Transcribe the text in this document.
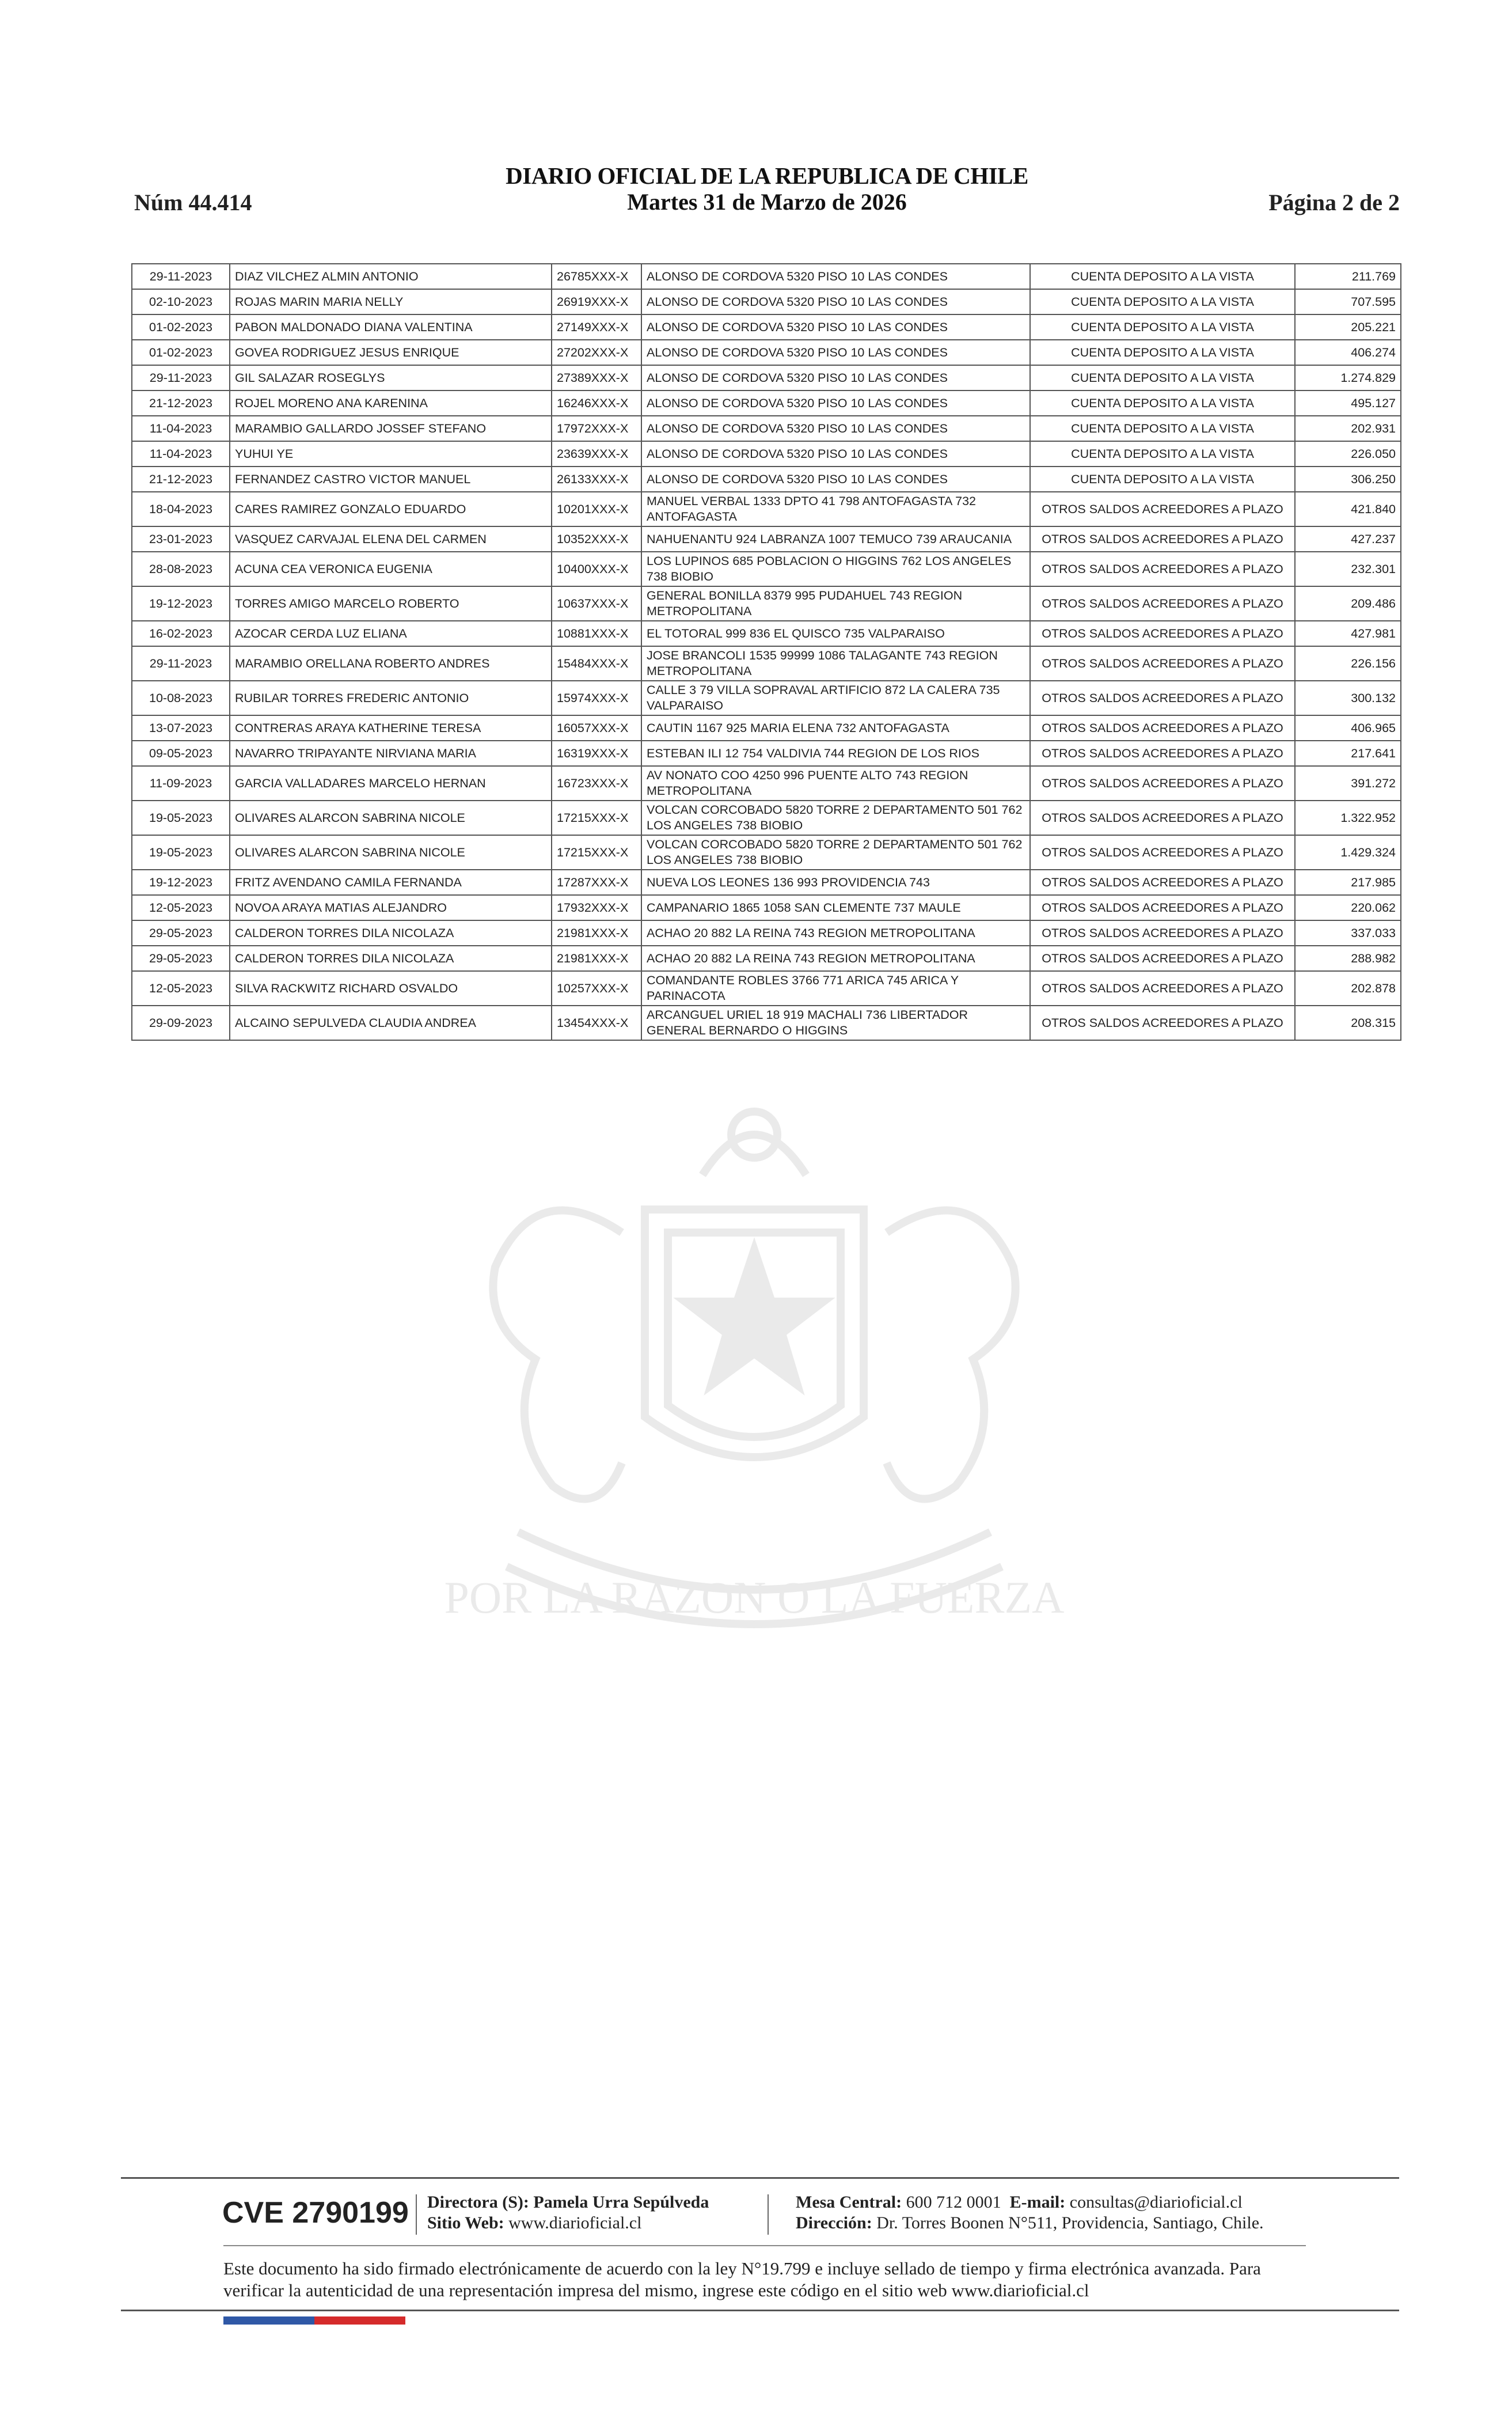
DIARIO OFICIAL DE LA REPUBLICA DE CHILE
Martes 31 de Marzo de 2026
Núm 44.414	Página 2 de 2
POR LA RAZON O LA FUERZA
29-11-2023	DIAZ VILCHEZ ALMIN ANTONIO	26785XXX-X	ALONSO DE CORDOVA 5320 PISO 10 LAS CONDES	CUENTA DEPOSITO A LA VISTA	211.769
02-10-2023	ROJAS MARIN MARIA NELLY	26919XXX-X	ALONSO DE CORDOVA 5320 PISO 10 LAS CONDES	CUENTA DEPOSITO A LA VISTA	707.595
01-02-2023	PABON MALDONADO DIANA VALENTINA	27149XXX-X	ALONSO DE CORDOVA 5320 PISO 10 LAS CONDES	CUENTA DEPOSITO A LA VISTA	205.221
01-02-2023	GOVEA RODRIGUEZ JESUS ENRIQUE	27202XXX-X	ALONSO DE CORDOVA 5320 PISO 10 LAS CONDES	CUENTA DEPOSITO A LA VISTA	406.274
29-11-2023	GIL SALAZAR ROSEGLYS	27389XXX-X	ALONSO DE CORDOVA 5320 PISO 10 LAS CONDES	CUENTA DEPOSITO A LA VISTA	1.274.829
21-12-2023	ROJEL MORENO ANA KARENINA	16246XXX-X	ALONSO DE CORDOVA 5320 PISO 10 LAS CONDES	CUENTA DEPOSITO A LA VISTA	495.127
11-04-2023	MARAMBIO GALLARDO JOSSEF STEFANO	17972XXX-X	ALONSO DE CORDOVA 5320 PISO 10 LAS CONDES	CUENTA DEPOSITO A LA VISTA	202.931
11-04-2023	YUHUI YE	23639XXX-X	ALONSO DE CORDOVA 5320 PISO 10 LAS CONDES	CUENTA DEPOSITO A LA VISTA	226.050
21-12-2023	FERNANDEZ CASTRO VICTOR MANUEL	26133XXX-X	ALONSO DE CORDOVA 5320 PISO 10 LAS CONDES	CUENTA DEPOSITO A LA VISTA	306.250
18-04-2023	CARES RAMIREZ GONZALO EDUARDO	10201XXX-X	MANUEL VERBAL 1333 DPTO 41 798 ANTOFAGASTA 732 ANTOFAGASTA	OTROS SALDOS ACREEDORES A PLAZO	421.840
23-01-2023	VASQUEZ CARVAJAL ELENA DEL CARMEN	10352XXX-X	NAHUENANTU 924 LABRANZA 1007 TEMUCO 739 ARAUCANIA	OTROS SALDOS ACREEDORES A PLAZO	427.237
28-08-2023	ACUNA CEA VERONICA EUGENIA	10400XXX-X	LOS LUPINOS 685 POBLACION O HIGGINS 762 LOS ANGELES 738 BIOBIO	OTROS SALDOS ACREEDORES A PLAZO	232.301
19-12-2023	TORRES AMIGO MARCELO ROBERTO	10637XXX-X	GENERAL BONILLA 8379 995 PUDAHUEL 743 REGION METROPOLITANA	OTROS SALDOS ACREEDORES A PLAZO	209.486
16-02-2023	AZOCAR CERDA LUZ ELIANA	10881XXX-X	EL TOTORAL 999 836 EL QUISCO 735 VALPARAISO	OTROS SALDOS ACREEDORES A PLAZO	427.981
29-11-2023	MARAMBIO ORELLANA ROBERTO ANDRES	15484XXX-X	JOSE BRANCOLI 1535 99999 1086 TALAGANTE 743 REGION METROPOLITANA	OTROS SALDOS ACREEDORES A PLAZO	226.156
10-08-2023	RUBILAR TORRES FREDERIC ANTONIO	15974XXX-X	CALLE 3 79 VILLA SOPRAVAL ARTIFICIO 872 LA CALERA 735 VALPARAISO	OTROS SALDOS ACREEDORES A PLAZO	300.132
13-07-2023	CONTRERAS ARAYA KATHERINE TERESA	16057XXX-X	CAUTIN 1167 925 MARIA ELENA 732 ANTOFAGASTA	OTROS SALDOS ACREEDORES A PLAZO	406.965
09-05-2023	NAVARRO TRIPAYANTE NIRVIANA MARIA	16319XXX-X	ESTEBAN ILI 12 754 VALDIVIA 744 REGION DE LOS RIOS	OTROS SALDOS ACREEDORES A PLAZO	217.641
11-09-2023	GARCIA VALLADARES MARCELO HERNAN	16723XXX-X	AV NONATO COO 4250 996 PUENTE ALTO 743 REGION METROPOLITANA	OTROS SALDOS ACREEDORES A PLAZO	391.272
19-05-2023	OLIVARES ALARCON SABRINA NICOLE	17215XXX-X	VOLCAN CORCOBADO 5820 TORRE 2 DEPARTAMENTO 501 762 LOS ANGELES 738 BIOBIO	OTROS SALDOS ACREEDORES A PLAZO	1.322.952
19-05-2023	OLIVARES ALARCON SABRINA NICOLE	17215XXX-X	VOLCAN CORCOBADO 5820 TORRE 2 DEPARTAMENTO 501 762 LOS ANGELES 738 BIOBIO	OTROS SALDOS ACREEDORES A PLAZO	1.429.324
19-12-2023	FRITZ AVENDANO CAMILA FERNANDA	17287XXX-X	NUEVA LOS LEONES 136 993 PROVIDENCIA 743	OTROS SALDOS ACREEDORES A PLAZO	217.985
12-05-2023	NOVOA ARAYA MATIAS ALEJANDRO	17932XXX-X	CAMPANARIO 1865 1058 SAN CLEMENTE 737 MAULE	OTROS SALDOS ACREEDORES A PLAZO	220.062
29-05-2023	CALDERON TORRES DILA NICOLAZA	21981XXX-X	ACHAO 20 882 LA REINA 743 REGION METROPOLITANA	OTROS SALDOS ACREEDORES A PLAZO	337.033
29-05-2023	CALDERON TORRES DILA NICOLAZA	21981XXX-X	ACHAO 20 882 LA REINA 743 REGION METROPOLITANA	OTROS SALDOS ACREEDORES A PLAZO	288.982
12-05-2023	SILVA RACKWITZ RICHARD OSVALDO	10257XXX-X	COMANDANTE ROBLES 3766 771 ARICA 745 ARICA Y PARINACOTA	OTROS SALDOS ACREEDORES A PLAZO	202.878
29-09-2023	ALCAINO SEPULVEDA CLAUDIA ANDREA	13454XXX-X	ARCANGUEL URIEL 18 919 MACHALI 736 LIBERTADOR GENERAL BERNARDO O HIGGINS	OTROS SALDOS ACREEDORES A PLAZO	208.315
CVE 2790199 Directora (S): Pamela Urra Sepúlveda
Sitio Web: www.diarioficial.cl
Mesa Central: 600 712 0001 E-mail: consultas@diarioficial.cl
Dirección: Dr. Torres Boonen N°511, Providencia, Santiago, Chile.
Este documento ha sido firmado electrónicamente de acuerdo con la ley N°19.799 e incluye sellado de tiempo y firma electrónica avanzada. Para verificar la autenticidad de una representación impresa del mismo, ingrese este código en el sitio web www.diarioficial.cl
